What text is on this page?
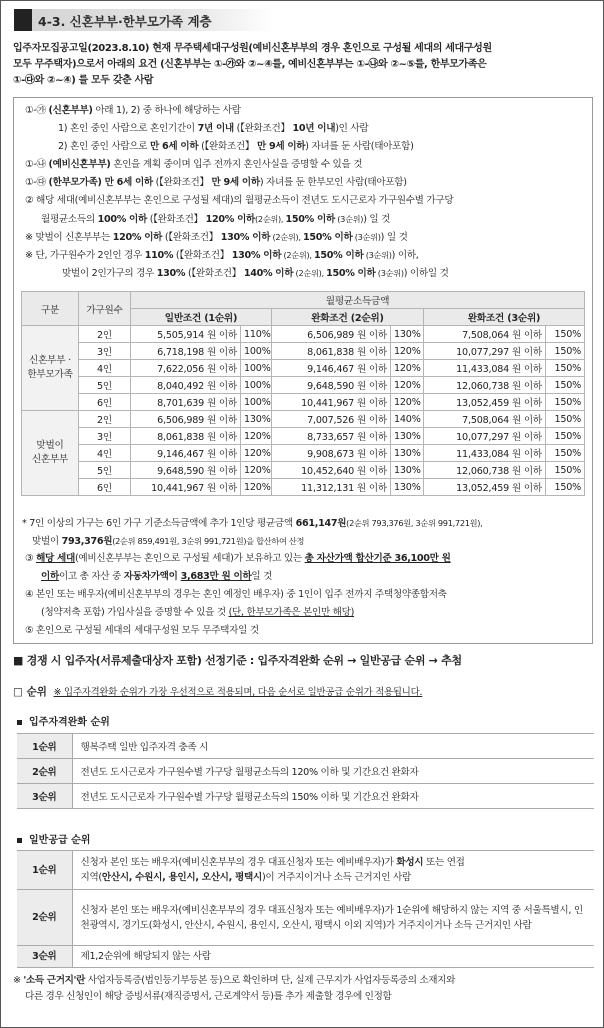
4-3. 신혼부부·한부모가족 계층
입주자모집공고일(2023.8.10) 현재 무주택세대구성원(예비신혼부부의 경우 혼인으로 구성될 세대의 세대구성원
모두 무주택자)으로서 아래의 요건 (신혼부부는 ①-㉮와 ②~④를, 예비신혼부부는 ①-㉯와 ②~⑤를, 한부모가족은
①-㉰와 ②~④) 를 모두 갖춘 사람
①-㉮ (신혼부부) 아래 1), 2) 중 하나에 해당하는 사람
1) 혼인 중인 사람으로 혼인기간이 7년 이내 (【완화조건】 10년 이내)인 사람
2) 혼인 중인 사람으로 만 6세 이하 (【완화조건】 만 9세 이하) 자녀를 둔 사람(태아포함)
①-㉯ (예비신혼부부) 혼인을 계획 중이며 입주 전까지 혼인사실을 증명할 수 있을 것
①-㉰ (한부모가족) 만 6세 이하 (【완화조건】 만 9세 이하) 자녀를 둔 한부모인 사람(태아포함)
② 해당 세대(예비신혼부부는 혼인으로 구성될 세대)의 월평균소득이 전년도 도시근로자 가구원수별 가구당
월평균소득의 100% 이하 (【완화조건】 120% 이하(2순위), 150% 이하 (3순위)) 일 것
※ 맞벌이 신혼부부는 120% 이하 (【완화조건】 130% 이하 (2순위), 150% 이하 (3순위)) 일 것
※ 단, 가구원수가 2인인 경우 110% (【완화조건】 130% 이하 (2순위), 150% 이하 (3순위)) 이하,
맞벌이 2인가구의 경우 130% (【완화조건】 140% 이하 (2순위), 150% 이하 (3순위)) 이하일 것
* 7인 이상의 가구는 6인 가구 기준소득금액에 추가 1인당 평균금액 661,147원(2순위 793,376원, 3순위 991,721원),
맞벌이 793,376원(2순위 859,491원, 3순위 991,721원)을 합산하여 산정
③ 해당 세대(예비신혼부부는 혼인으로 구성될 세대)가 보유하고 있는 총 자산가액 합산기준 36,100만 원
이하이고 총 자산 중 자동차가액이 3,683만 원 이하일 것
④ 본인 또는 배우자(예비신혼부부의 경우는 혼인 예정인 배우자) 중 1인이 입주 전까지 주택청약종합저축
(청약저축 포함) 가입사실을 증명할 수 있을 것 (단, 한부모가족은 본인만 해당)
⑤ 혼인으로 구성될 세대의 세대구성원 모두 무주택자일 것
구분	가구원수	월평균소득금액					
		일반조건 (1순위)		완화조건 (2순위)		완화조건 (3순위)	
신혼부부 ·
한부모가족	2인	5,505,914 원 이하	110%	6,506,989 원 이하	130%	7,508,064 원 이하	150%
	3인	6,718,198 원 이하	100%	8,061,838 원 이하	120%	10,077,297 원 이하	150%
	4인	7,622,056 원 이하	100%	9,146,467 원 이하	120%	11,433,084 원 이하	150%
	5인	8,040,492 원 이하	100%	9,648,590 원 이하	120%	12,060,738 원 이하	150%
	6인	8,701,639 원 이하	100%	10,441,967 원 이하	120%	13,052,459 원 이하	150%
맞벌이
신혼부부	2인	6,506,989 원 이하	130%	7,007,526 원 이하	140%	7,508,064 원 이하	150%
	3인	8,061,838 원 이하	120%	8,733,657 원 이하	130%	10,077,297 원 이하	150%
	4인	9,146,467 원 이하	120%	9,908,673 원 이하	130%	11,433,084 원 이하	150%
	5인	9,648,590 원 이하	120%	10,452,640 원 이하	130%	12,060,738 원 이하	150%
	6인	10,441,967 원 이하	120%	11,312,131 원 이하	130%	13,052,459 원 이하	150%
■ 경쟁 시 입주자(서류제출대상자 포함) 선정기준 : 입주자격완화 순위 → 일반공급 순위 → 추첨
□ 순위 ※ 입주자격완화 순위가 가장 우선적으로 적용되며, 다음 순서로 일반공급 순위가 적용됩니다.
입주자격완화 순위
1순위	행복주택 일반 입주자격 충족 시
2순위	전년도 도시근로자 가구원수별 가구당 월평균소득의 120% 이하 및 기간요건 완화자
3순위	전년도 도시근로자 가구원수별 가구당 월평균소득의 150% 이하 및 기간요건 완화자
일반공급 순위
1순위	신청자 본인 또는 배우자(예비신혼부부의 경우 대표신청자 또는 예비배우자)가 화성시 또는 연접
지역(안산시, 수원시, 용인시, 오산시, 평택시)이 거주지이거나 소득 근거지인 사람

2순위	신청자 본인 또는 배우자(예비신혼부부의 경우 대표신청자 또는 예비배우자)가 1순위에 해당하지 않는 지역 중 서울특별시, 인천광역시, 경기도(화성시, 안산시, 수원시, 용인시, 오산시, 평택시 이외 지역)가 거주지이거나 소득 근거지인 사람
3순위	제1,2순위에 해당되지 않는 사람
※ '소득 근거지'란 사업자등록증(법인등기부등본 등)으로 확인하며 단, 실제 근무지가 사업자등록증의 소재지와
다른 경우 신청인이 해당 증빙서류(재직증명서, 근로계약서 등)를 추가 제출할 경우에 인정함
